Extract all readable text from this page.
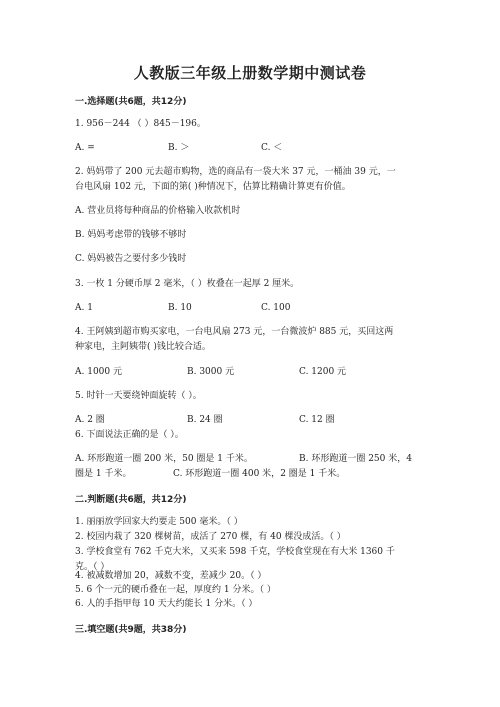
人教版三年级上册数学期中测试卷
一.选择题(共6题，共12分)
1. 956－244 （ ）845－196。
A. =	B. ＞	C. ＜
2. 妈妈带了 200 元去超市购物，选的商品有一袋大米 37 元，一桶油 39 元，一
台电风扇 102 元，下面的第( )种情况下，估算比精确计算更有价值。
A. 营业员将每种商品的价格输入收款机时
B. 妈妈考虑带的钱够不够时
C. 妈妈被告之要付多少钱时
3. 一枚 1 分硬币厚 2 毫米，（ ）枚叠在一起厚 2 厘米。
A. 1	B. 10	C. 100
4. 王阿姨到超市购买家电，一台电风扇 273 元，一台微波炉 885 元，买回这两
种家电，主阿姨带( )钱比较合适。
A. 1000 元	B. 3000 元	C. 1200 元
5. 时针一天要绕钟面旋转（ ）。
A. 2 圈	B. 24 圈	C. 12 圈
6. 下面说法正确的是（ ）。
A. 环形跑道一圈 200 米，50 圈是 1 千米。	B. 环形跑道一圈 250 米，4
圈是 1 千米。	C. 环形跑道一圈 400 米，2 圈是 1 千米。
二.判断题(共6题，共12分)
1. 丽丽放学回家大约要走 500 毫米。（ ）
2. 校园内栽了 320 棵树苗，成活了 270 棵，有 40 棵没成活。（ ）
3. 学校食堂有 762 千克大米，又买来 598 千克，学校食堂现在有大米 1360 千
克。（ ）
4. 被减数增加 20，减数不变，差减少 20。（ ）
5. 6 个一元的硬币叠在一起，厚度约 1 分米。（ ）
6. 人的手指甲每 10 天大约能长 1 分米。（ ）
三.填空题(共9题，共38分)
